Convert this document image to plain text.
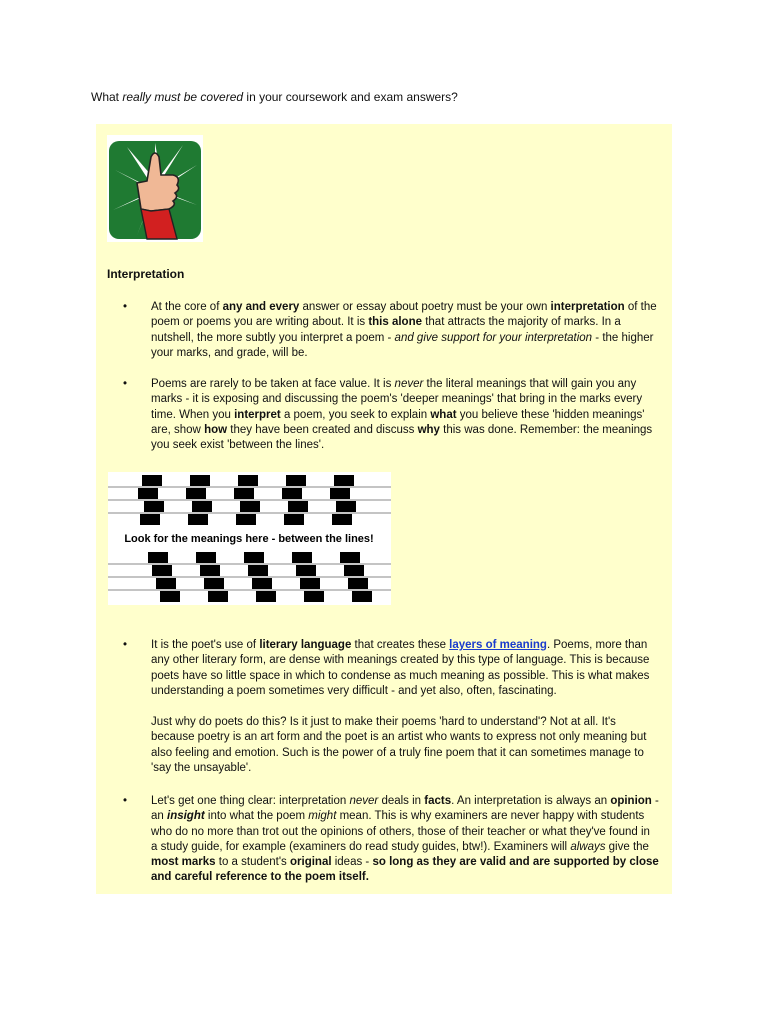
What really must be covered in your coursework and exam answers?
Interpretation
• At the core of any and every answer or essay about poetry must be your own interpretation of the poem or poems you are writing about. It is this alone that attracts the majority of marks. In a nutshell, the more subtly you interpret a poem - and give support for your interpretation - the higher your marks, and grade, will be.
• Poems are rarely to be taken at face value. It is never the literal meanings that will gain you any marks - it is exposing and discussing the poem's 'deeper meanings' that bring in the marks every time. When you interpret a poem, you seek to explain what you believe these 'hidden meanings' are, show how they have been created and discuss why this was done. Remember: the meanings you seek exist 'between the lines'.
Look for the meanings here - between the lines!
• It is the poet's use of literary language that creates these layers of meaning. Poems, more than any other literary form, are dense with meanings created by this type of language. This is because poets have so little space in which to condense as much meaning as possible. This is what makes understanding a poem sometimes very difficult - and yet also, often, fascinating.
Just why do poets do this? Is it just to make their poems 'hard to understand'? Not at all. It's because poetry is an art form and the poet is an artist who wants to express not only meaning but also feeling and emotion. Such is the power of a truly fine poem that it can sometimes manage to 'say the unsayable'.
• Let's get one thing clear: interpretation never deals in facts. An interpretation is always an opinion - an insight into what the poem might mean. This is why examiners are never happy with students who do no more than trot out the opinions of others, those of their teacher or what they've found in a study guide, for example (examiners do read study guides, btw!). Examiners will always give the most marks to a student's original ideas - so long as they are valid and are supported by close and careful reference to the poem itself.
